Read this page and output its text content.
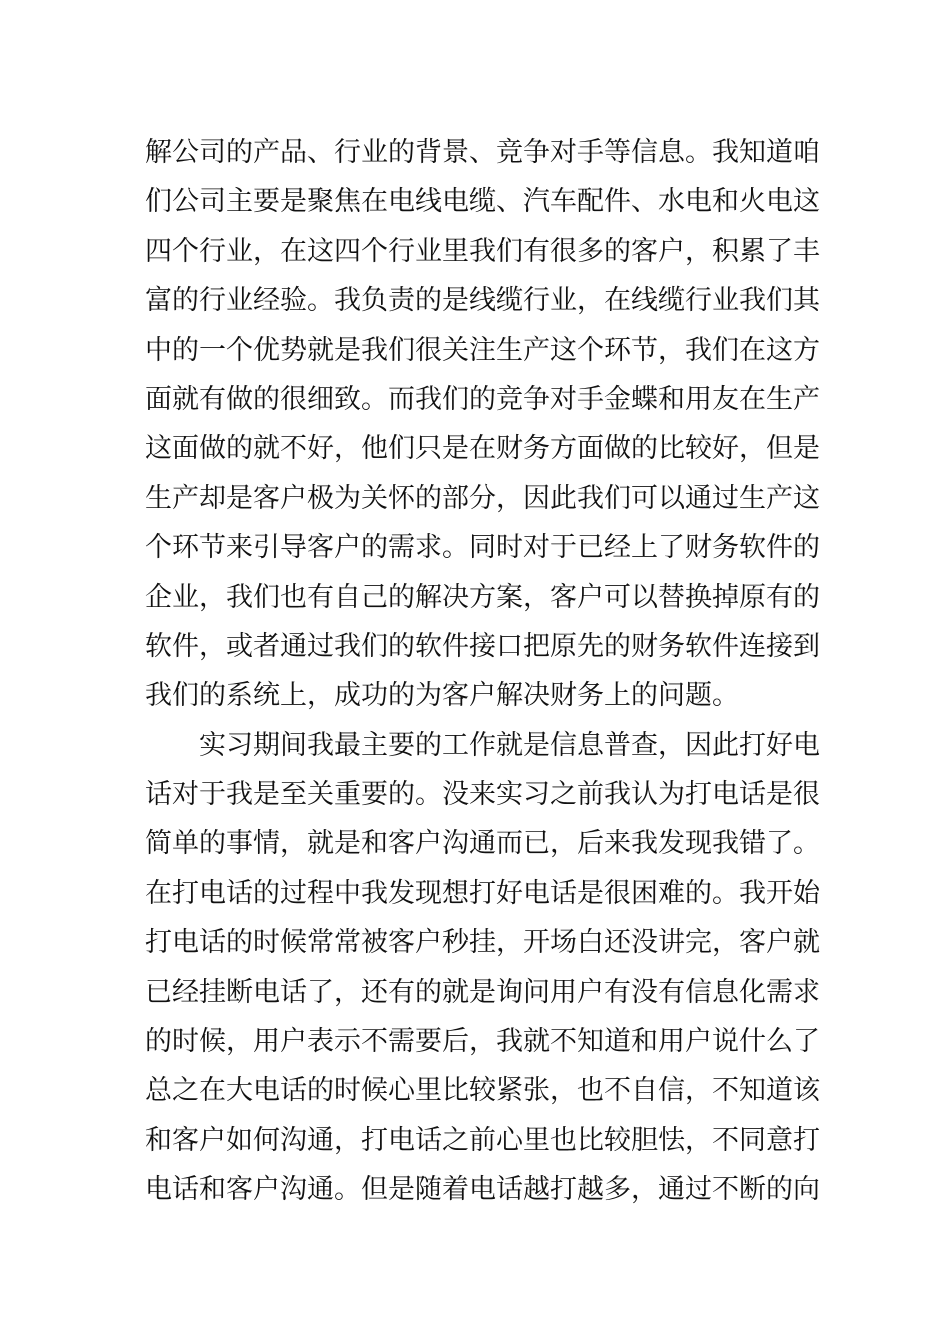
解公司的产品、行业的背景、竞争对手等信息。我知道咱
们公司主要是聚焦在电线电缆、汽车配件、水电和火电这
四个行业，在这四个行业里我们有很多的客户，积累了丰
富的行业经验。我负责的是线缆行业，在线缆行业我们其
中的一个优势就是我们很关注生产这个环节，我们在这方
面就有做的很细致。而我们的竞争对手金蝶和用友在生产
这面做的就不好，他们只是在财务方面做的比较好，但是
生产却是客户极为关怀的部分，因此我们可以通过生产这
个环节来引导客户的需求。同时对于已经上了财务软件的
企业，我们也有自己的解决方案，客户可以替换掉原有的
软件，或者通过我们的软件接口把原先的财务软件连接到
我们的系统上，成功的为客户解决财务上的问题。
实习期间我最主要的工作就是信息普查，因此打好电
话对于我是至关重要的。没来实习之前我认为打电话是很
简单的事情，就是和客户沟通而已，后来我发现我错了。
在打电话的过程中我发现想打好电话是很困难的。我开始
打电话的时候常常被客户秒挂，开场白还没讲完，客户就
已经挂断电话了，还有的就是询问用户有没有信息化需求
的时候，用户表示不需要后，我就不知道和用户说什么了
总之在大电话的时候心里比较紧张，也不自信，不知道该
和客户如何沟通，打电话之前心里也比较胆怯，不同意打
电话和客户沟通。但是随着电话越打越多，通过不断的向
